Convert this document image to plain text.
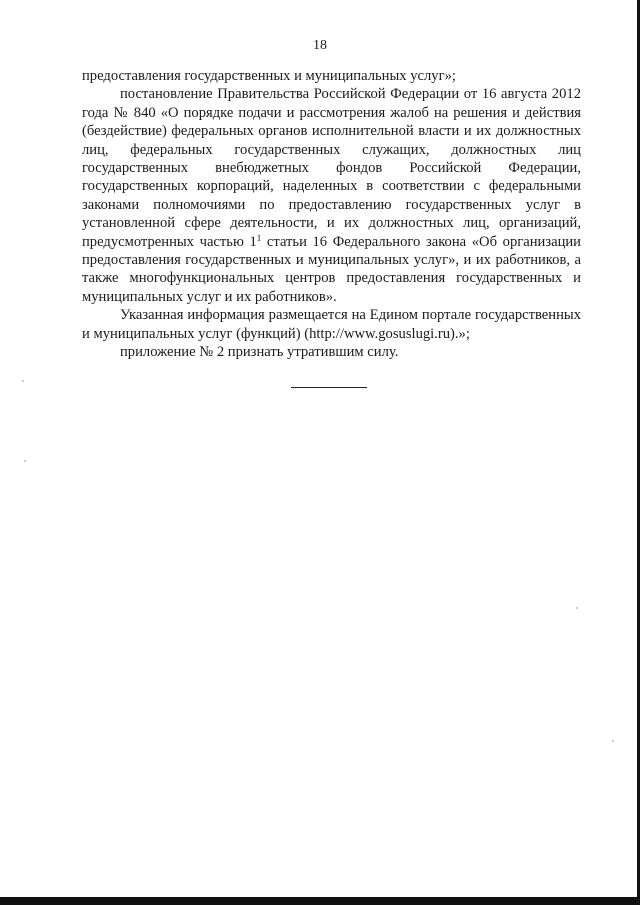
18

предоставления государственных и муниципальных услуг»;

постановление Правительства Российской Федерации от 16 августа 2012 года № 840 «О порядке подачи и рассмотрения жалоб на решения и действия (бездействие) федеральных органов исполнительной власти и их должностных лиц, федеральных государственных служащих, должностных лиц государственных внебюджетных фондов Российской Федерации, государственных корпораций, наделенных в соответствии с федеральными законами полномочиями по предоставлению государственных услуг в установленной сфере деятельности, и их должностных лиц, организаций, предусмотренных частью $1^1$ статьи 16 Федерального закона «Об организации предоставления государственных и муниципальных услуг», и их работников, а также многофункциональных центров предоставления государственных и муниципальных услуг и их работников».

Указанная информация размещается на Едином портале государственных и муниципальных услуг (функций) (http://www.gosuslugi.ru).»;

приложение № 2 признать утратившим силу.
